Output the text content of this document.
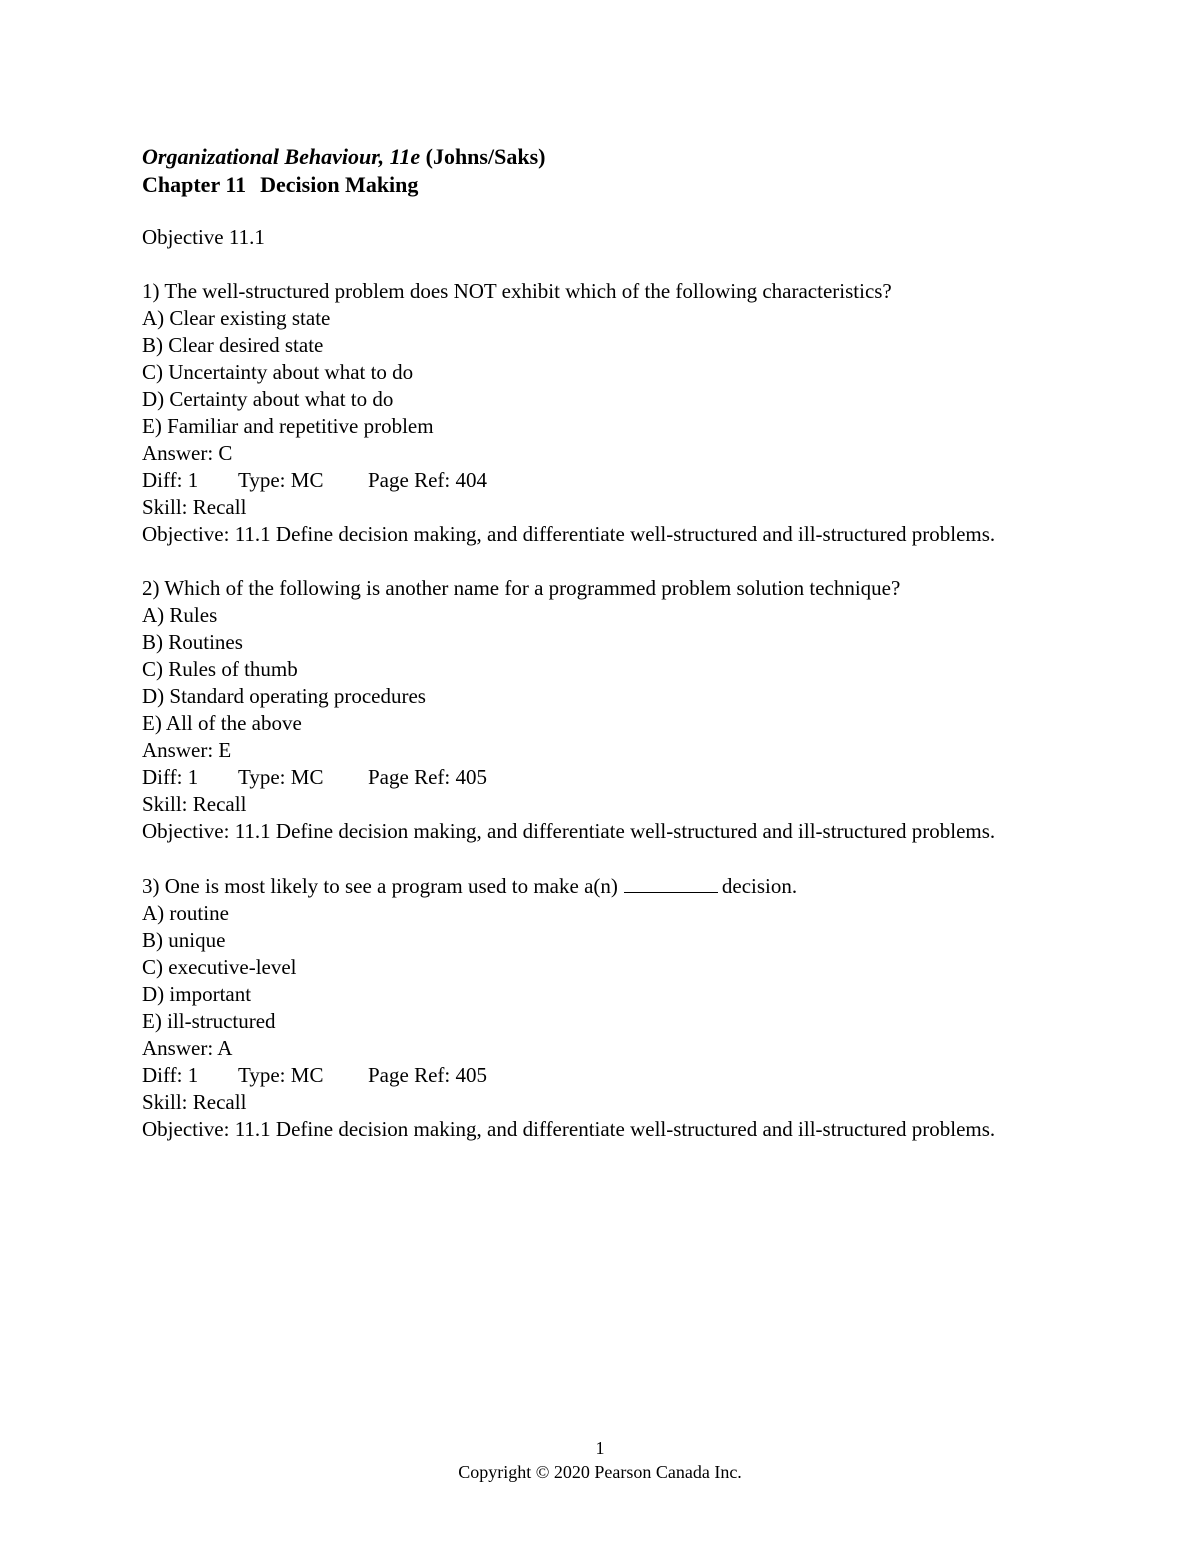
Organizational Behaviour, 11e (Johns/Saks)
Chapter 11 Decision Making
Objective 11.1
1) The well-structured problem does NOT exhibit which of the following characteristics?
A) Clear existing state
B) Clear desired state
C) Uncertainty about what to do
D) Certainty about what to do
E) Familiar and repetitive problem
Answer: C
Diff: 1 Type: MC Page Ref: 404
Skill: Recall
Objective: 11.1 Define decision making, and differentiate well-structured and ill-structured problems.
2) Which of the following is another name for a programmed problem solution technique?
A) Rules
B) Routines
C) Rules of thumb
D) Standard operating procedures
E) All of the above
Answer: E
Diff: 1 Type: MC Page Ref: 405
Skill: Recall
Objective: 11.1 Define decision making, and differentiate well-structured and ill-structured problems.
3) One is most likely to see a program used to make a(n)	decision.
A) routine
B) unique
C) executive-level
D) important
E) ill-structured
Answer: A
Diff: 1 Type: MC Page Ref: 405
Skill: Recall
Objective: 11.1 Define decision making, and differentiate well-structured and ill-structured problems.
1
Copyright © 2020 Pearson Canada Inc.
